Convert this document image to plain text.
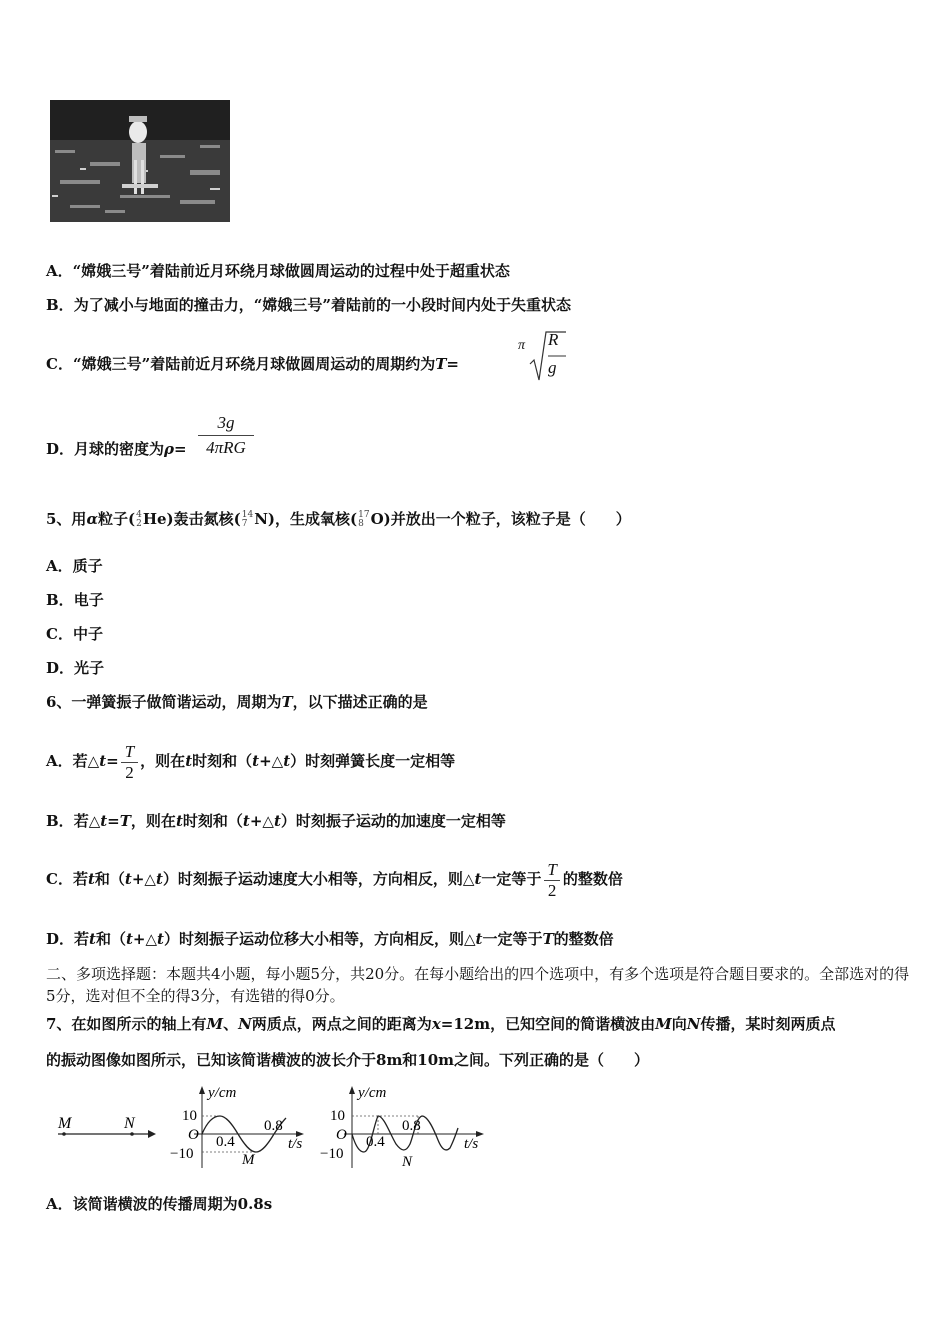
A．“嫦娥三号”着陆前近月环绕月球做圆周运动的过程中处于超重状态
B．为了减小与地面的撞击力，“嫦娥三号”着陆前的一小段时间内处于失重状态
C．“嫦娥三号”着陆前近月环绕月球做圆周运动的周期约为T=
π R
g
D．月球的密度为ρ=
3g
4πRG
5、用α粒子( 4
2 He)轰击氮核( 14
7 N)，生成氧核( 17
8 O)并放出一个粒子，该粒子是（　　）
A．质子
B．电子
C．中子
D．光子
6、一弹簧振子做简谐运动，周期为T，以下描述正确的是
A．若△t= $\frac{T}{2}$ ，则在t时刻和（t+△t）时刻弹簧长度一定相等
B．若△t=T，则在t时刻和（t+△t）时刻振子运动的加速度一定相等
C．若t和（t+△t）时刻振子运动速度大小相等，方向相反，则△t一定等于 $\frac{T}{2}$ 的整数倍
D．若t和（t+△t）时刻振子运动位移大小相等，方向相反，则△t一定等于T的整数倍
二、多项选择题：本题共4小题，每小题5分，共20分。在每小题给出的四个选项中，有多个选项是符合题目要求的。全部选对的得5分，选对但不全的得3分，有选错的得0分。
7、在如图所示的轴上有M、N两质点，两点之间的距离为x=12m，已知空间的简谐横波由M向N传播，某时刻两质点
的振动图像如图所示，已知该简谐横波的波长介于8m和10m之间。下列正确的是（　　）
M	N
y/cm
10
−10
O 0.4
0.8
t/s
M
y/cm
10
−10
O 0.4
0.8
t/s
N
A．该简谐横波的传播周期为0.8s
